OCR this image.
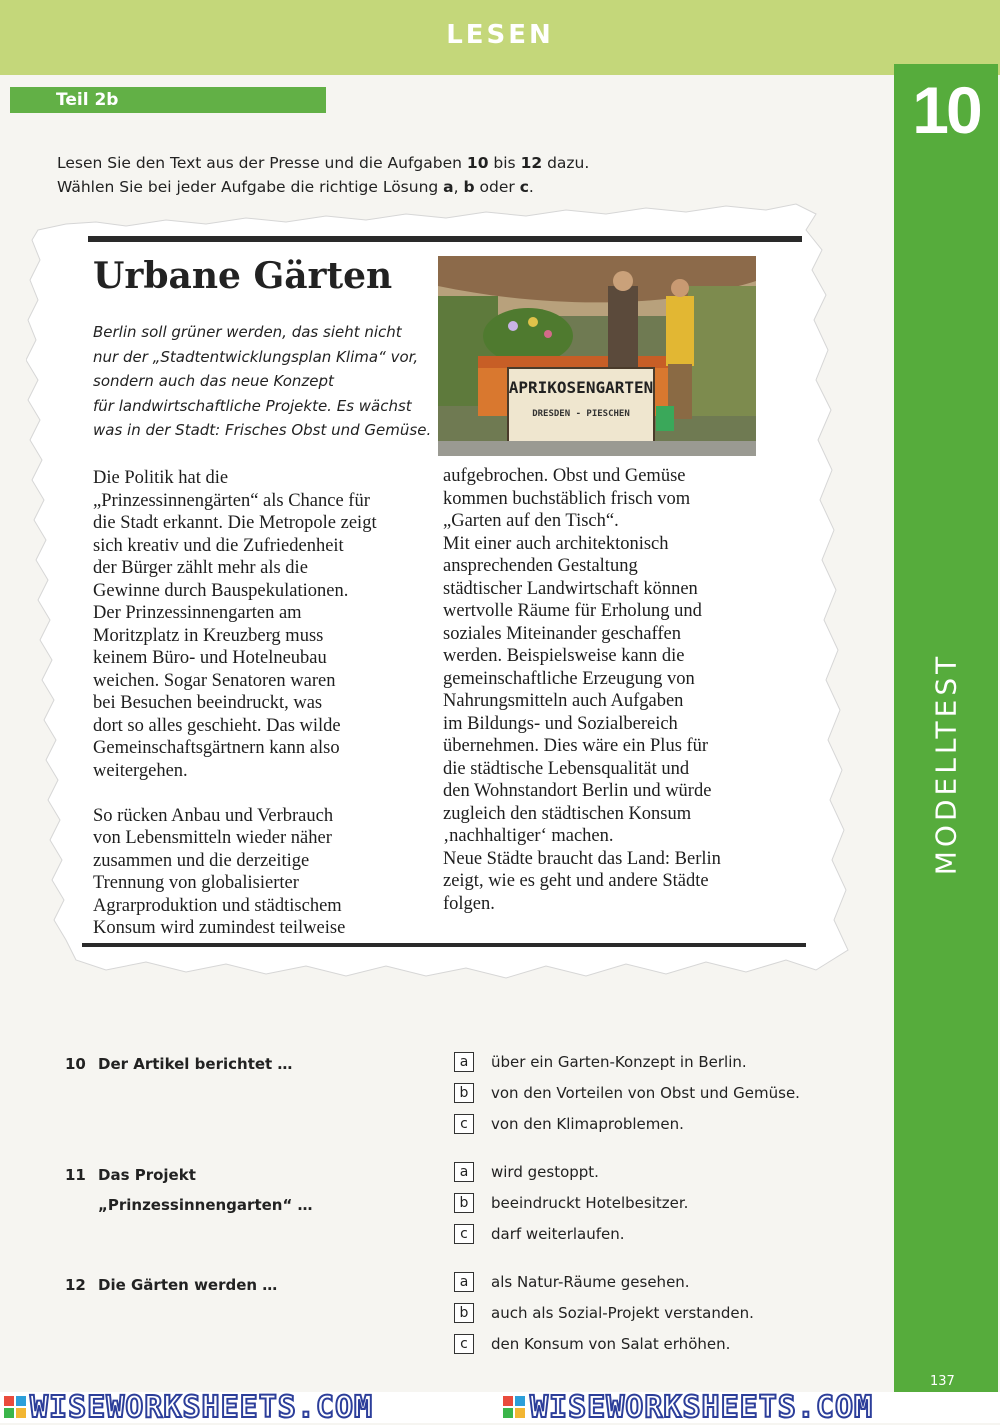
LESEN
Teil 2b	10
MODELLTEST
137
Lesen Sie den Text aus der Presse und die Aufgaben 10 bis 12 dazu.
Wählen Sie bei jeder Aufgabe die richtige Lösung a, b oder c.
Urbane Gärten
Berlin soll grüner werden, das sieht nicht
nur der „Stadtentwicklungsplan Klima“ vor,
sondern auch das neue Konzept
für landwirtschaftliche Projekte. Es wächst
was in der Stadt: Frisches Obst und Gemüse.
APRIKOSENGARTEN
DRESDEN - PIESCHEN
Die Politik hat die
„Prinzessinnengärten“ als Chance für
die Stadt erkannt. Die Metropole zeigt
sich kreativ und die Zufriedenheit
der Bürger zählt mehr als die
Gewinne durch Bauspekulationen.
Der Prinzessinnengarten am
Moritzplatz in Kreuzberg muss
keinem Büro- und Hotelneubau
weichen. Sogar Senatoren waren
bei Besuchen beeindruckt, was
dort so alles geschieht. Das wilde
Gemeinschaftsgärtnern kann also
weitergehen.

So rücken Anbau und Verbrauch
von Lebensmitteln wieder näher
zusammen und die derzeitige
Trennung von globalisierter
Agrarproduktion und städtischem
Konsum wird zumindest teilweise
aufgebrochen. Obst und Gemüse
kommen buchstäblich frisch vom
„Garten auf den Tisch“.
Mit einer auch architektonisch
ansprechenden Gestaltung
städtischer Landwirtschaft können
wertvolle Räume für Erholung und
soziales Miteinander geschaffen
werden. Beispielsweise kann die
gemeinschaftliche Erzeugung von
Nahrungsmitteln auch Aufgaben
im Bildungs- und Sozialbereich
übernehmen. Dies wäre ein Plus für
die städtische Lebensqualität und
den Wohnstandort Berlin und würde
zugleich den städtischen Konsum
‚nachhaltiger‘ machen.
Neue Städte braucht das Land: Berlin
zeigt, wie es geht und andere Städte
folgen.
10 Der Artikel berichtet …	a	über ein Garten-Konzept in Berlin.
b	von den Vorteilen von Obst und Gemüse.
c	von den Klimaproblemen.
11 Das Projekt
„Prinzessinnengarten“ …
a	wird gestoppt.
b	beeindruckt Hotelbesitzer.
c	darf weiterlaufen.
12 Die Gärten werden …	a	als Natur-Räume gesehen.
b	auch als Sozial-Projekt verstanden.
c	den Konsum von Salat erhöhen.
WISEWORKSHEETS.COM	WISEWORKSHEETS.COM
